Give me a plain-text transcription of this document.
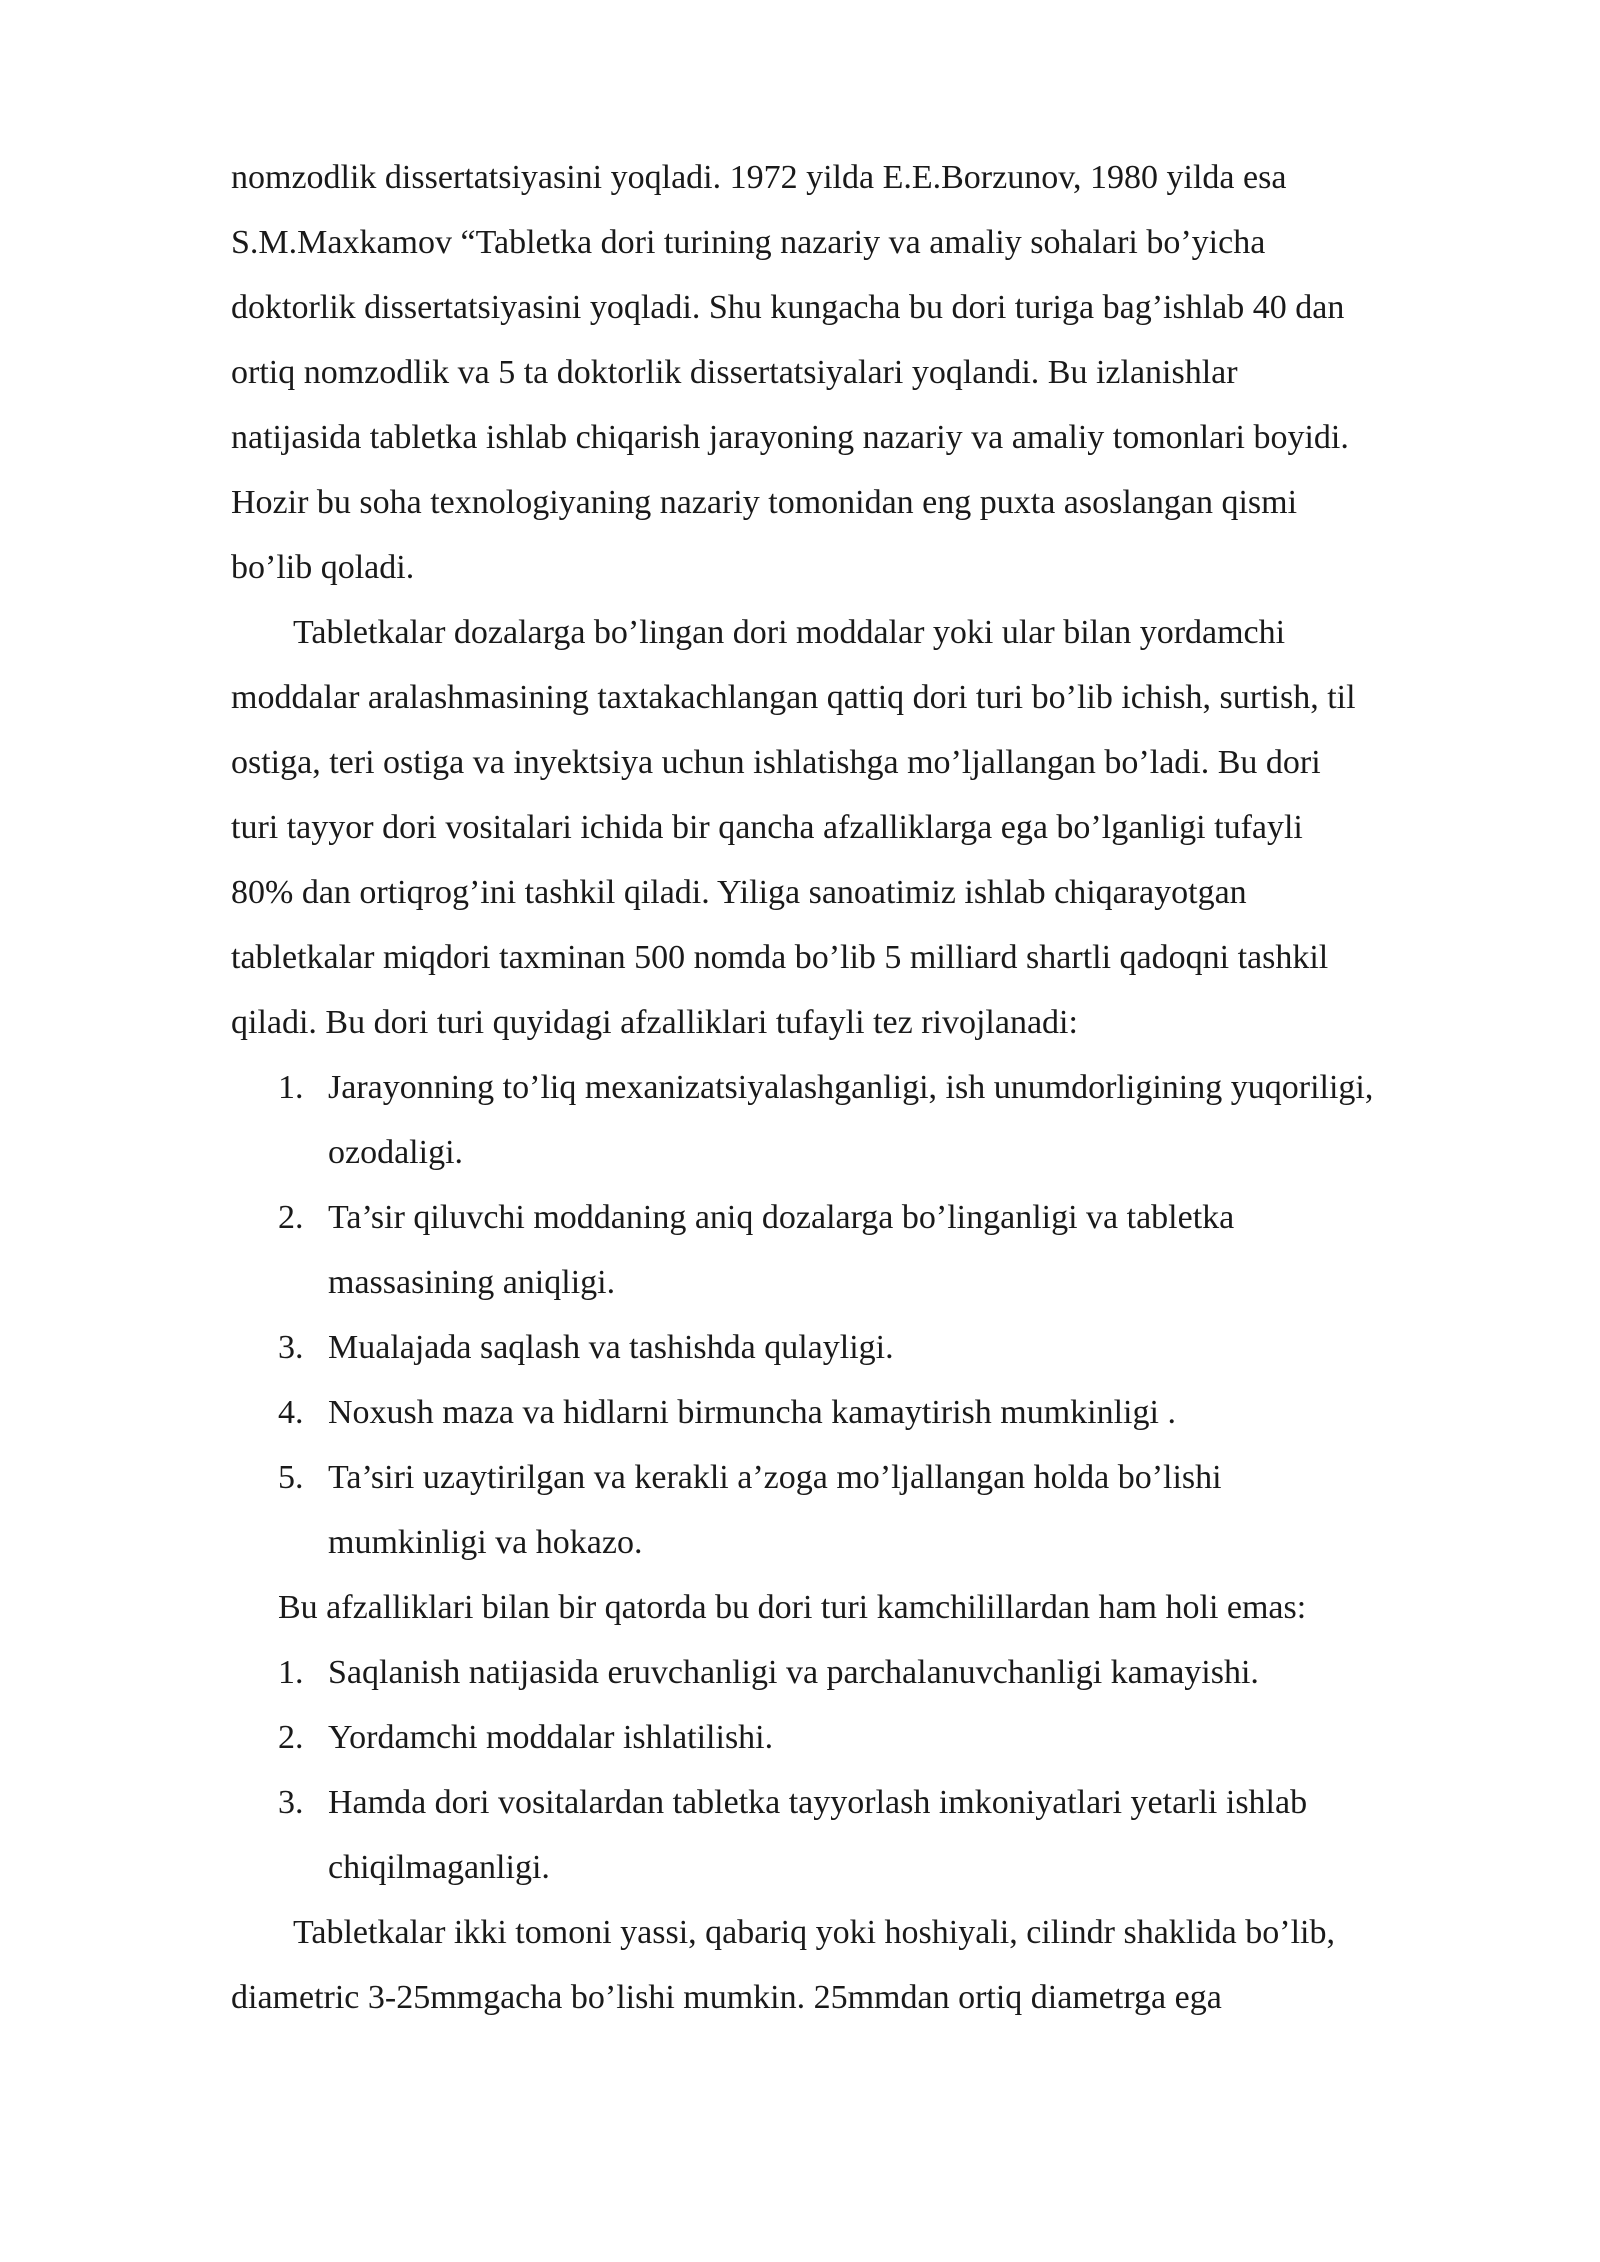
nomzodlik dissertatsiyasini yoqladi. 1972 yilda E.E.Borzunov, 1980 yilda esa
S.M.Maxkamov “Tabletka dori turining nazariy va amaliy sohalari bo’yicha
doktorlik dissertatsiyasini yoqladi. Shu kungacha bu dori turiga bag’ishlab 40 dan
ortiq nomzodlik va 5 ta doktorlik dissertatsiyalari yoqlandi. Bu izlanishlar
natijasida tabletka ishlab chiqarish jarayoning nazariy va amaliy tomonlari boyidi.
Hozir bu soha texnologiyaning nazariy tomonidan eng puxta asoslangan qismi
bo’lib qoladi.
Tabletkalar dozalarga bo’lingan dori moddalar yoki ular bilan yordamchi
moddalar aralashmasining taxtakachlangan qattiq dori turi bo’lib ichish, surtish, til
ostiga, teri ostiga va inyektsiya uchun ishlatishga mo’ljallangan bo’ladi. Bu dori
turi tayyor dori vositalari ichida bir qancha afzalliklarga ega bo’lganligi tufayli
80% dan ortiqrog’ini tashkil qiladi. Yiliga sanoatimiz ishlab chiqarayotgan
tabletkalar miqdori taxminan 500 nomda bo’lib 5 milliard shartli qadoqni tashkil
qiladi. Bu dori turi quyidagi afzalliklari tufayli tez rivojlanadi:
1. Jarayonning to’liq mexanizatsiyalashganligi, ish unumdorligining yuqoriligi,
ozodaligi.
2. Ta’sir qiluvchi moddaning aniq dozalarga bo’linganligi va tabletka
massasining aniqligi.
3. Mualajada saqlash va tashishda qulayligi.
4. Noxush maza va hidlarni birmuncha kamaytirish mumkinligi .
5. Ta’siri uzaytirilgan va kerakli a’zoga mo’ljallangan holda bo’lishi
mumkinligi va hokazo.
Bu afzalliklari bilan bir qatorda bu dori turi kamchilillardan ham holi emas:
1. Saqlanish natijasida eruvchanligi va parchalanuvchanligi kamayishi.
2. Yordamchi moddalar ishlatilishi.
3. Hamda dori vositalardan tabletka tayyorlash imkoniyatlari yetarli ishlab
chiqilmaganligi.
Tabletkalar ikki tomoni yassi, qabariq yoki hoshiyali, cilindr shaklida bo’lib,
diametric 3-25mmgacha bo’lishi mumkin. 25mmdan ortiq diametrga ega
